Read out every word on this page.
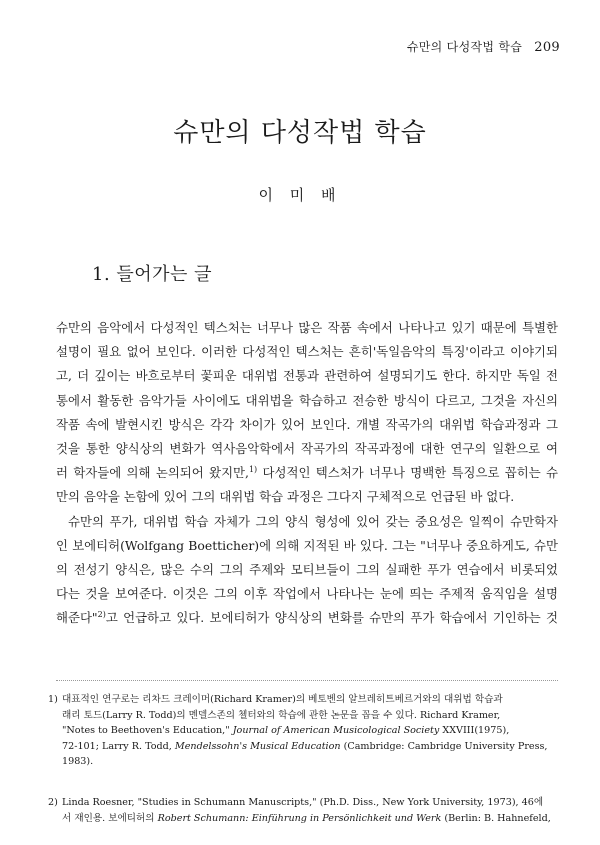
슈만의 다성작법 학습 209
슈만의 다성작법 학습
이 미 배
1. 들어가는 글
슈만의 음악에서 다성적인 텍스처는 너무나 많은 작품 속에서 나타나고 있기 때문에 특별한
설명이 필요 없어 보인다. 이러한 다성적인 텍스처는 흔히'독일음악의 특징'이라고 이야기되
고, 더 깊이는 바흐로부터 꽃피운 대위법 전통과 관련하여 설명되기도 한다. 하지만 독일 전
통에서 활동한 음악가들 사이에도 대위법을 학습하고 전승한 방식이 다르고, 그것을 자신의
작품 속에 발현시킨 방식은 각각 차이가 있어 보인다. 개별 작곡가의 대위법 학습과정과 그
것을 통한 양식상의 변화가 역사음악학에서 작곡가의 작곡과정에 대한 연구의 일환으로 여
러 학자들에 의해 논의되어 왔지만,$^{1)}$ 다성적인 텍스처가 너무나 명백한 특징으로 꼽히는 슈
만의 음악을 논함에 있어 그의 대위법 학습 과정은 그다지 구체적으로 언급된 바 없다.
슈만의 푸가, 대위법 학습 자체가 그의 양식 형성에 있어 갖는 중요성은 일찍이 슈만학자
인 보에티허(Wolfgang Boetticher)에 의해 지적된 바 있다. 그는 "너무나 중요하게도, 슈만
의 전성기 양식은, 많은 수의 그의 주제와 모티브들이 그의 실패한 푸가 연습에서 비롯되었
다는 것을 보여준다. 이것은 그의 이후 작업에서 나타나는 눈에 띄는 주제적 움직임을 설명
해준다"$^{2)}$고 언급하고 있다. 보에티허가 양식상의 변화를 슈만의 푸가 학습에서 기인하는 것
1) 대표적인 연구로는 리차드 크레이머(Richard Kramer)의 베토벤의 알브레히트베르거와의 대위법 학습과
래리 토드(Larry R. Todd)의 멘델스존의 첼터와의 학습에 관한 논문을 꼽을 수 있다. Richard Kramer,
"Notes to Beethoven's Education," Journal of American Musicological Society XXVIII(1975),
72-101; Larry R. Todd, Mendelssohn's Musical Education (Cambridge: Cambridge University Press,
1983).
2) Linda Roesner, "Studies in Schumann Manuscripts," (Ph.D. Diss., New York University, 1973), 46에
서 재인용. 보에티허의 Robert Schumann: Einführung in Persönlichkeit und Werk (Berlin: B. Hahnefeld,
